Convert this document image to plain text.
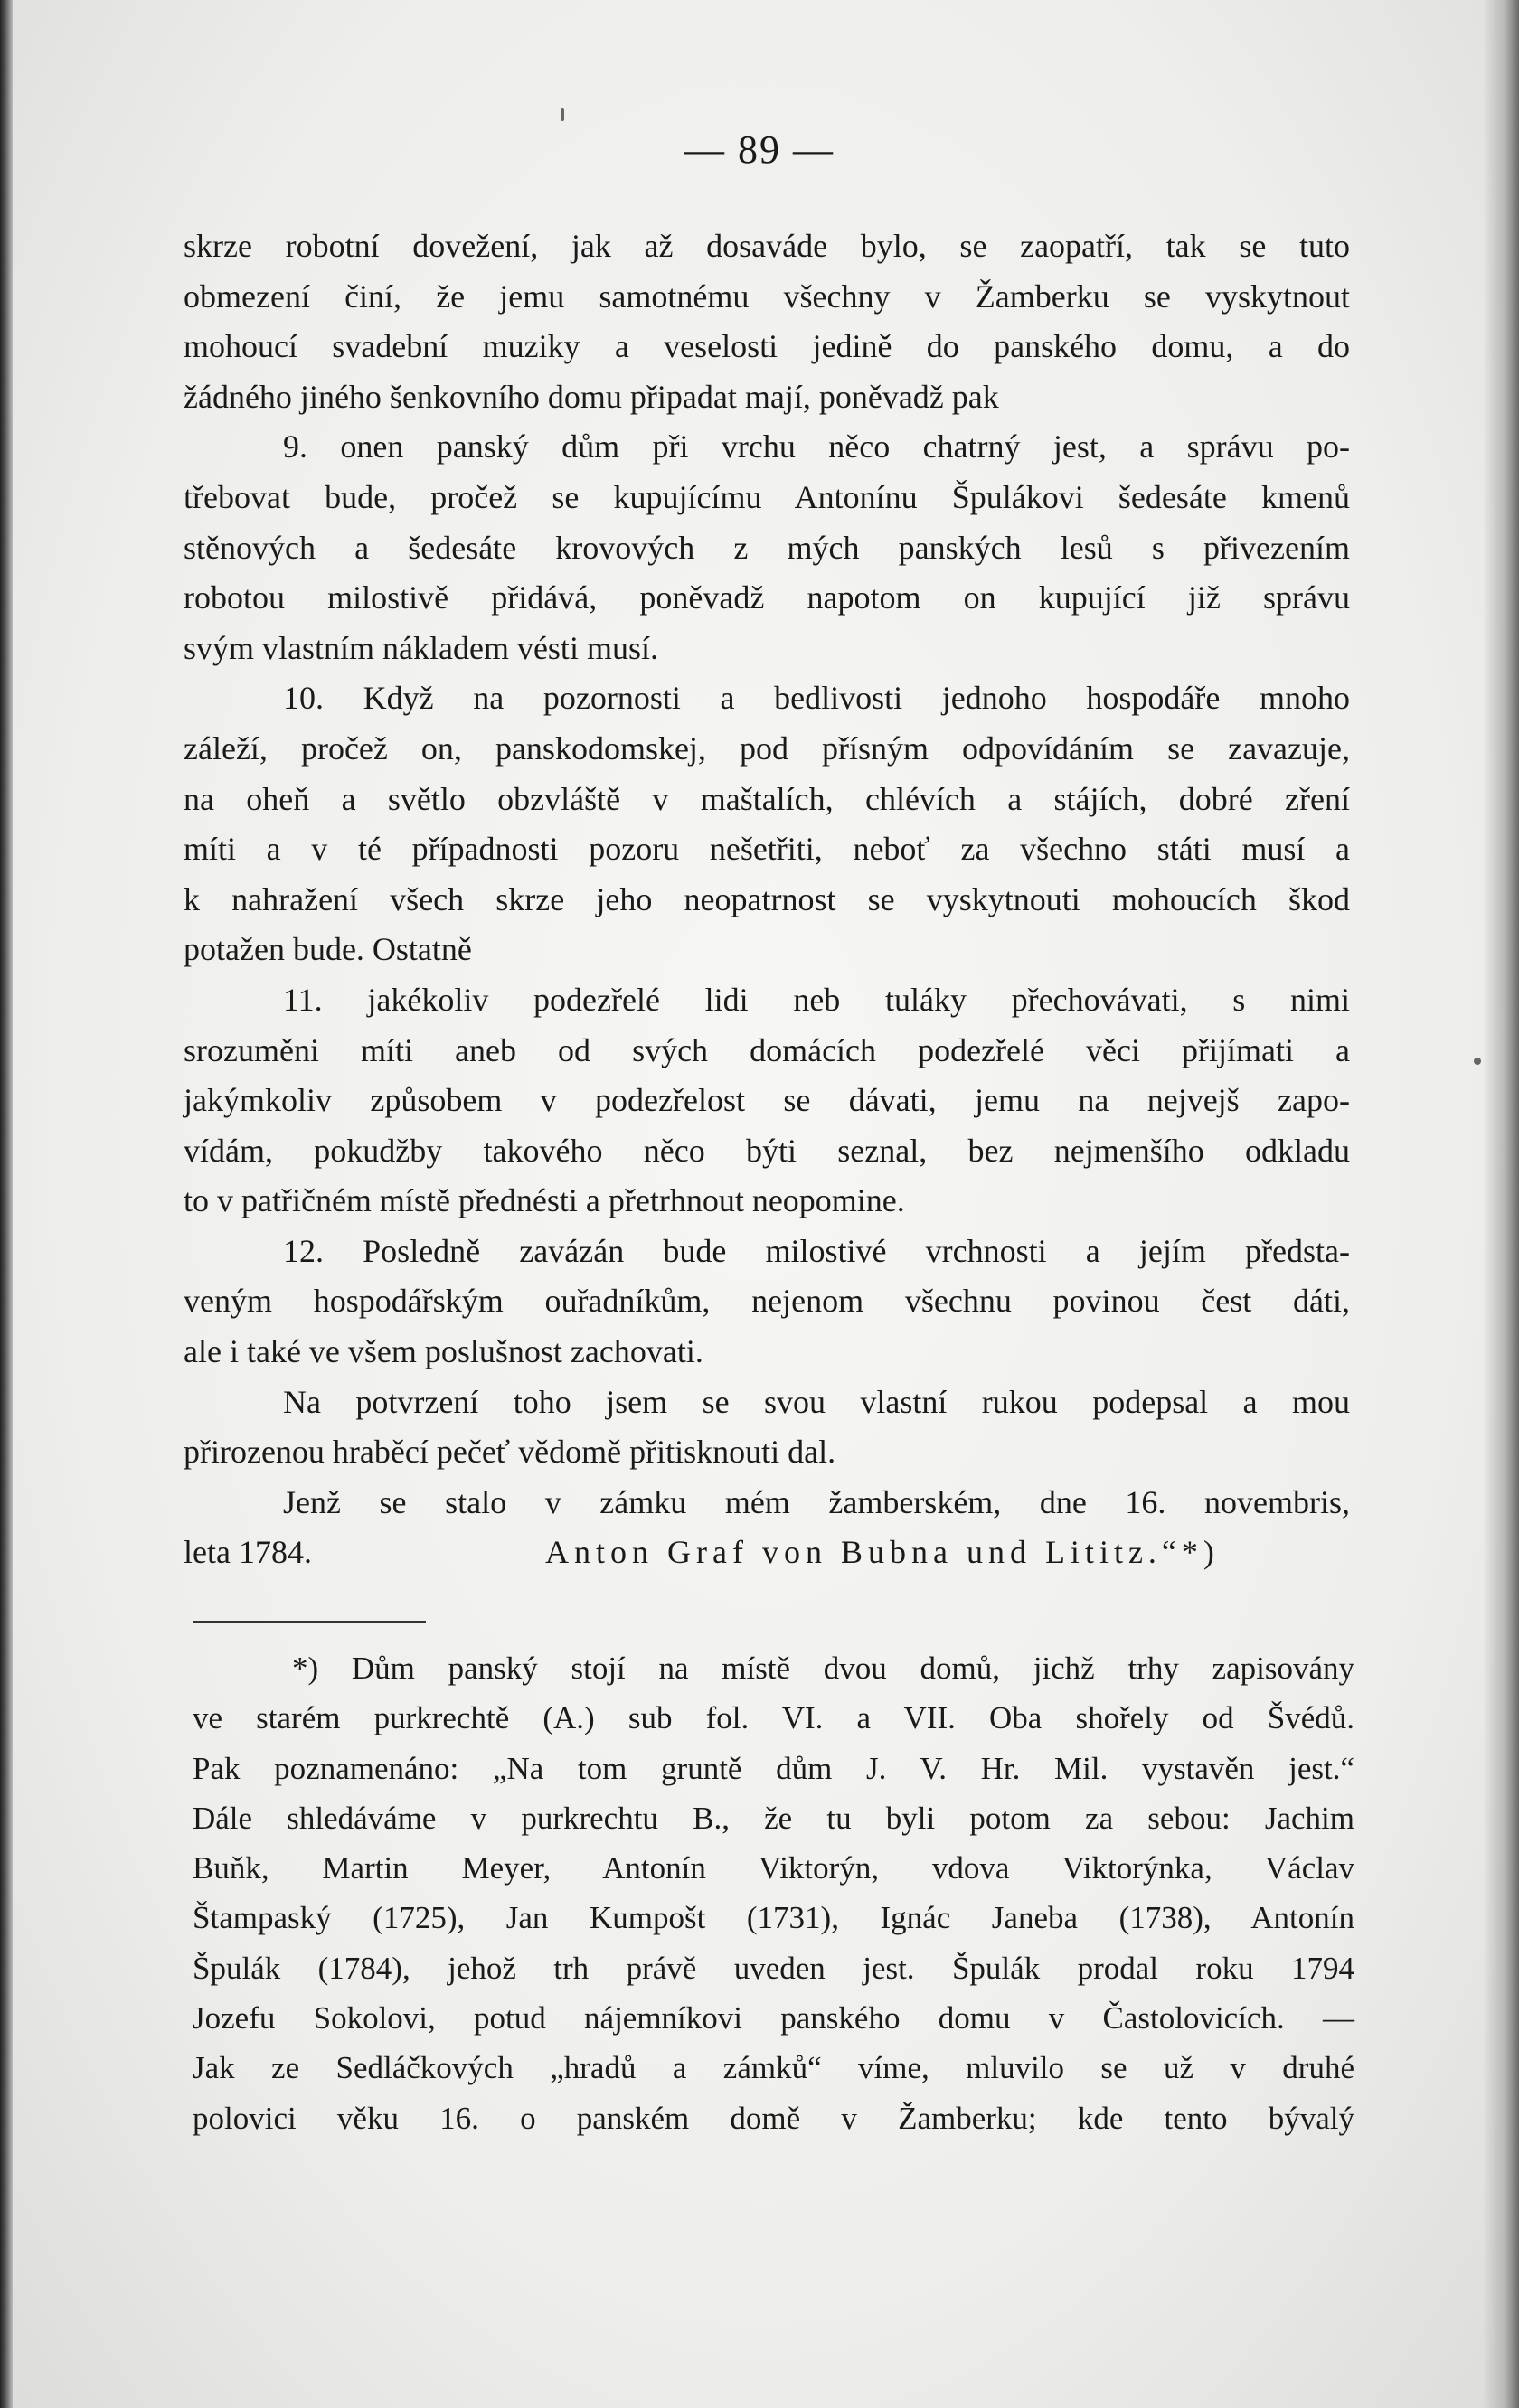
— 89 —
skrze robotní dovežení, jak až dosaváde bylo, se zaopatří, tak se tuto
obmezení činí, že jemu samotnému všechny v Žamberku se vyskytnout
mohoucí svadební muziky a veselosti jedině do panského domu, a do
žádného jiného šenkovního domu připadat mají, poněvadž pak
9. onen panský dům při vrchu něco chatrný jest, a správu po-
třebovat bude, pročež se kupujícímu Antonínu Špulákovi šedesáte kmenů
stěnových a šedesáte krovových z mých panských lesů s přivezením
robotou milostivě přidává, poněvadž napotom on kupující již správu
svým vlastním nákladem vésti musí.
10. Když na pozornosti a bedlivosti jednoho hospodáře mnoho
záleží, pročež on, panskodomskej, pod přísným odpovídáním se zavazuje,
na oheň a světlo obzvláště v maštalích, chlévích a stájích, dobré zření
míti a v té případnosti pozoru nešetřiti, neboť za všechno státi musí a
k nahražení všech skrze jeho neopatrnost se vyskytnouti mohoucích škod
potažen bude. Ostatně
11. jakékoliv podezřelé lidi neb tuláky přechovávati, s nimi
srozuměni míti aneb od svých domácích podezřelé věci přijímati a
jakýmkoliv způsobem v podezřelost se dávati, jemu na nejvejš zapo-
vídám, pokudžby takového něco býti seznal, bez nejmenšího odkladu
to v patřičném místě přednésti a přetrhnout neopomine.
12. Posledně zavázán bude milostivé vrchnosti a jejím předsta-
veným hospodářským ouřadníkům, nejenom všechnu povinou čest dáti,
ale i také ve všem poslušnost zachovati.
Na potvrzení toho jsem se svou vlastní rukou podepsal a mou
přirozenou hraběcí pečeť vědomě přitisknouti dal.
Jenž se stalo v zámku mém žamberském, dne 16. novembris,
leta 1784.	Anton Graf von Bubna und Lititz.“*)
*) Dům panský stojí na místě dvou domů, jichž trhy zapisovány
ve starém purkrechtě (A.) sub fol. VI. a VII. Oba shořely od Švédů.
Pak poznamenáno: „Na tom gruntě dům J. V. Hr. Mil. vystavěn jest.“
Dále shledáváme v purkrechtu B., že tu byli potom za sebou: Jachim
Buňk, Martin Meyer, Antonín Viktorýn, vdova Viktorýnka, Václav
Štampaský (1725), Jan Kumpošt (1731), Ignác Janeba (1738), Antonín
Špulák (1784), jehož trh právě uveden jest. Špulák prodal roku 1794
Jozefu Sokolovi, potud nájemníkovi panského domu v Častolovicích. —
Jak ze Sedláčkových „hradů a zámků“ víme, mluvilo se už v druhé
polovici věku 16. o panském domě v Žamberku; kde tento bývalý
